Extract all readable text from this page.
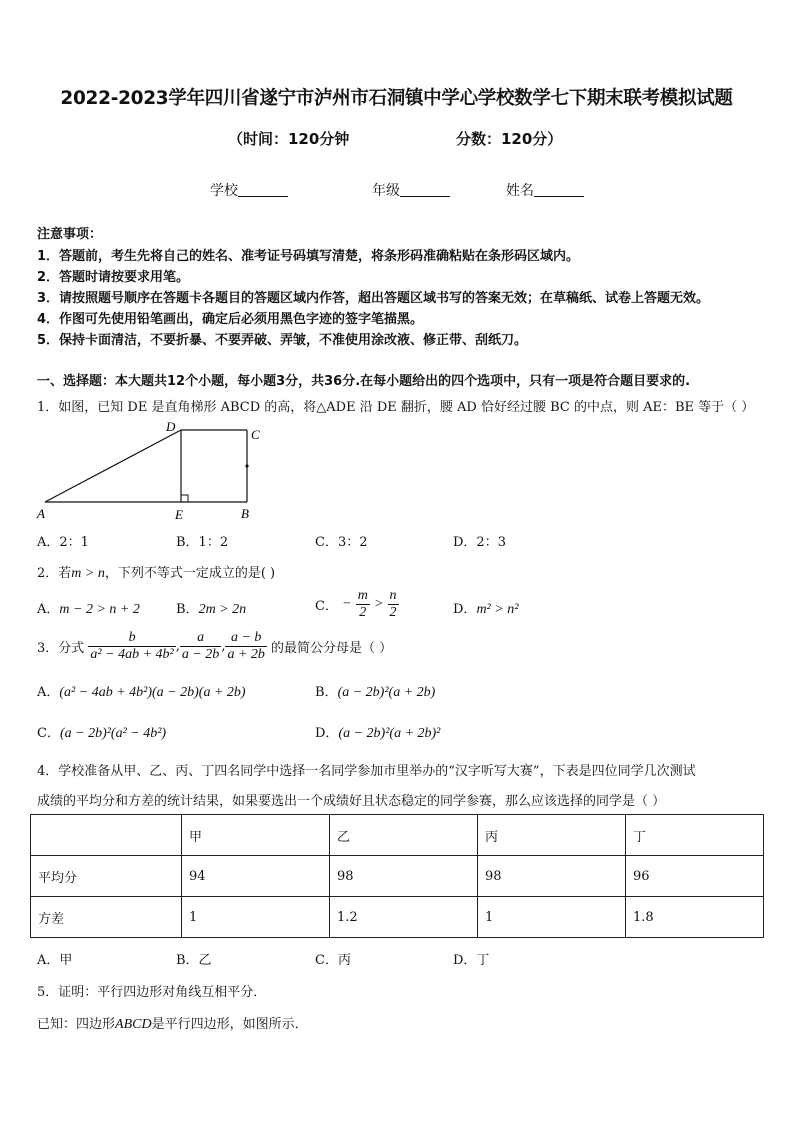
2022-2023学年四川省遂宁市泸州市石洞镇中学心学校数学七下期末联考模拟试题
（时间：120分钟	分数：120分）
学校	年级	姓名
注意事项：
1．答题前，考生先将自己的姓名、准考证号码填写清楚，将条形码准确粘贴在条形码区域内。
2．答题时请按要求用笔。
3．请按照题号顺序在答题卡各题目的答题区域内作答，超出答题区域书写的答案无效；在草稿纸、试卷上答题无效。
4．作图可先使用铅笔画出，确定后必须用黑色字迹的签字笔描黑。
5．保持卡面清洁，不要折暴、不要弄破、弄皱，不准使用涂改液、修正带、刮纸刀。
一、选择题：本大题共12个小题，每小题3分，共36分.在每小题给出的四个选项中，只有一项是符合题目要求的.
1．如图，已知 DE 是直角梯形 ABCD 的高，将△ADE 沿 DE 翻折，腰 AD 恰好经过腰 BC 的中点，则 AE：BE 等于（ ）
A	B
C
D
E
A．2：1	B．1：2	C．3：2	D．2：3
2．若m > n，下列不等式一定成立的是( )
A．m − 2 > n + 2	B．2m > 2n	C． − $\frac{m}{2} > \frac{n}{2}$	D．m² > n²
3．分式 $\frac{b}{\text{a² − 4ab + 4b²}}$ , $\frac{a}{a - 2b}$ , $\frac{a - b}{a + 2b}$ 的最简公分母是（ ）
A．(a² − 4ab + 4b²)(a − 2b)(a + 2b)	B．(a − 2b)²(a + 2b)
C．(a − 2b)²(a² − 4b²)	D．(a − 2b)²(a + 2b)²
4．学校准备从甲、乙、丙、丁四名同学中选择一名同学参加市里举办的“汉字听写大赛”，下表是四位同学几次测试
成绩的平均分和方差的统计结果，如果要选出一个成绩好且状态稳定的同学参赛，那么应该选择的同学是（ ）
	甲	乙	丙	丁
平均分	94	98	98	96
方差	1	1.2	1	1.8
A．甲	B．乙	C．丙	D．丁
5．证明：平行四边形对角线互相平分．
已知：四边形ABCD是平行四边形，如图所示．
